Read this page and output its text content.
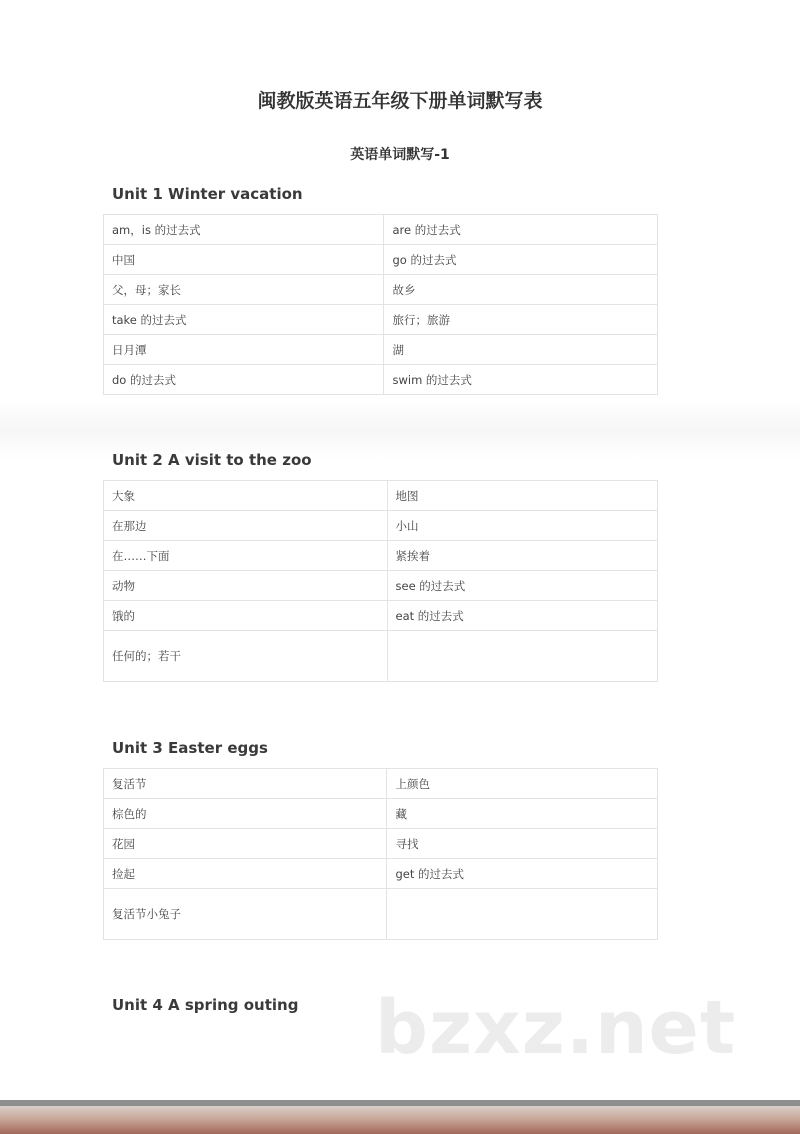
闽教版英语五年级下册单词默写表
英语单词默写-1
Unit 1 Winter vacation
am，is 的过去式	are 的过去式
中国	go 的过去式
父，母；家长	故乡
take 的过去式	旅行；旅游
日月潭	湖
do 的过去式	swim 的过去式
Unit 2 A visit to the zoo
大象	地图
在那边	小山
在……下面	紧挨着
动物	see 的过去式
饿的	eat 的过去式
任何的；若干	
Unit 3 Easter eggs
复活节	上颜色
棕色的	藏
花园	寻找
捡起	get 的过去式
复活节小兔子	
Unit 4 A spring outing bzxz.net
